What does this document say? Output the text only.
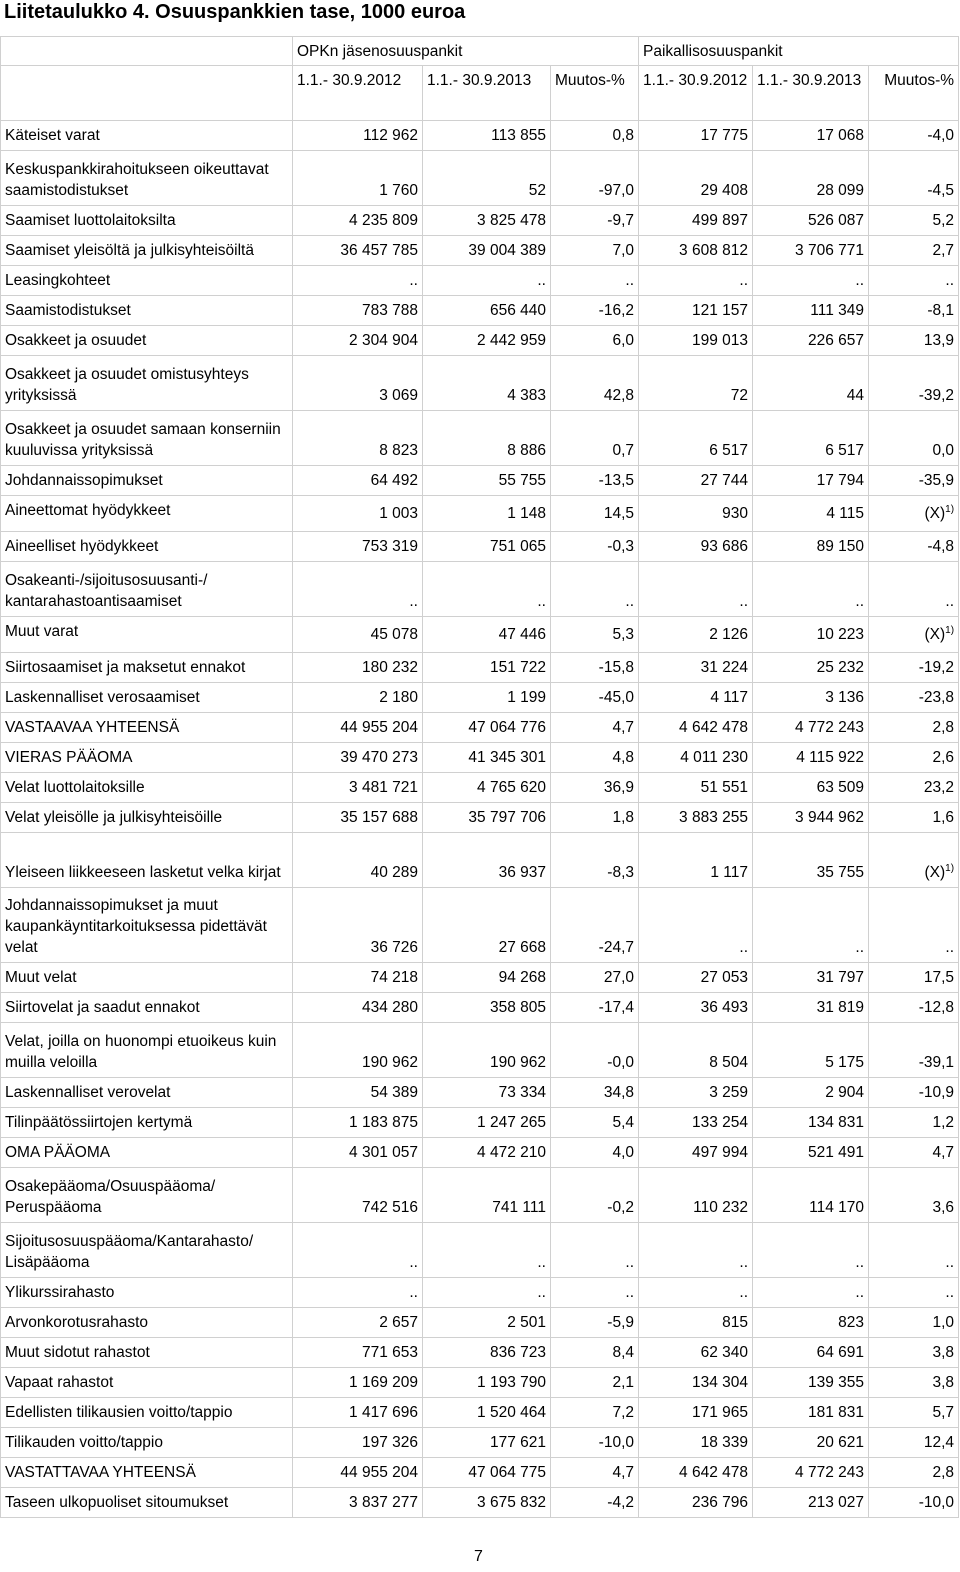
Liitetaulukko 4. Osuuspankkien tase, 1000 euroa
	OPKn jäsenosuuspankit			Paikallisosuuspankit		
	1.1.- 30.9.2012	1.1.- 30.9.2013	Muutos-%	1.1.- 30.9.2012	1.1.- 30.9.2013	Muutos-%
Käteiset varat	112 962	113 855	0,8	17 775	17 068	-4,0
Keskuspankkirahoitukseen oikeuttavat saamistodistukset	1 760	52	-97,0	29 408	28 099	-4,5
Saamiset luottolaitoksilta	4 235 809	3 825 478	-9,7	499 897	526 087	5,2
Saamiset yleisöltä ja julkisyhteisöiltä	36 457 785	39 004 389	7,0	3 608 812	3 706 771	2,7
Leasingkohteet	..	..	..	..	..	..
Saamistodistukset	783 788	656 440	-16,2	121 157	111 349	-8,1
Osakkeet ja osuudet	2 304 904	2 442 959	6,0	199 013	226 657	13,9
Osakkeet ja osuudet omistusyhteys yrityksissä	3 069	4 383	42,8	72	44	-39,2
Osakkeet ja osuudet samaan konserniin kuuluvissa yrityksissä	8 823	8 886	0,7	6 517	6 517	0,0
Johdannaissopimukset	64 492	55 755	-13,5	27 744	17 794	-35,9
Aineettomat hyödykkeet	1 003	1 148	14,5	930	4 115	$(X)^{1)}$
Aineelliset hyödykkeet	753 319	751 065	-0,3	93 686	89 150	-4,8
Osakeanti-/sijoitusosuusanti-/ kantarahastoantisaamiset	..	..	..	..	..	..
Muut varat	45 078	47 446	5,3	2 126	10 223	$(X)^{1)}$
Siirtosaamiset ja maksetut ennakot	180 232	151 722	-15,8	31 224	25 232	-19,2
Laskennalliset verosaamiset	2 180	1 199	-45,0	4 117	3 136	-23,8
VASTAAVAA YHTEENSÄ	44 955 204	47 064 776	4,7	4 642 478	4 772 243	2,8
VIERAS PÄÄOMA	39 470 273	41 345 301	4,8	4 011 230	4 115 922	2,6
Velat luottolaitoksille	3 481 721	4 765 620	36,9	51 551	63 509	23,2
Velat yleisölle ja julkisyhteisöille	35 157 688	35 797 706	1,8	3 883 255	3 944 962	1,6
Yleiseen liikkeeseen lasketut velka kirjat	40 289	36 937	-8,3	1 117	35 755	$(X)^{1)}$
Johdannaissopimukset ja muut kaupankäyntitarkoituksessa pidettävät velat	36 726	27 668	-24,7	..	..	..
Muut velat	74 218	94 268	27,0	27 053	31 797	17,5
Siirtovelat ja saadut ennakot	434 280	358 805	-17,4	36 493	31 819	-12,8
Velat, joilla on huonompi etuoikeus kuin muilla veloilla	190 962	190 962	-0,0	8 504	5 175	-39,1
Laskennalliset verovelat	54 389	73 334	34,8	3 259	2 904	-10,9
Tilinpäätössiirtojen kertymä	1 183 875	1 247 265	5,4	133 254	134 831	1,2
OMA PÄÄOMA	4 301 057	4 472 210	4,0	497 994	521 491	4,7
Osakepääoma/Osuuspääoma/ Peruspääoma	742 516	741 111	-0,2	110 232	114 170	3,6
Sijoitusosuuspääoma/Kantarahasto/ Lisäpääoma	..	..	..	..	..	..
Ylikurssirahasto	..	..	..	..	..	..
Arvonkorotusrahasto	2 657	2 501	-5,9	815	823	1,0
Muut sidotut rahastot	771 653	836 723	8,4	62 340	64 691	3,8
Vapaat rahastot	1 169 209	1 193 790	2,1	134 304	139 355	3,8
Edellisten tilikausien voitto/tappio	1 417 696	1 520 464	7,2	171 965	181 831	5,7
Tilikauden voitto/tappio	197 326	177 621	-10,0	18 339	20 621	12,4
VASTATTAVAA YHTEENSÄ	44 955 204	47 064 775	4,7	4 642 478	4 772 243	2,8
Taseen ulkopuoliset sitoumukset	3 837 277	3 675 832	-4,2	236 796	213 027	-10,0
7
